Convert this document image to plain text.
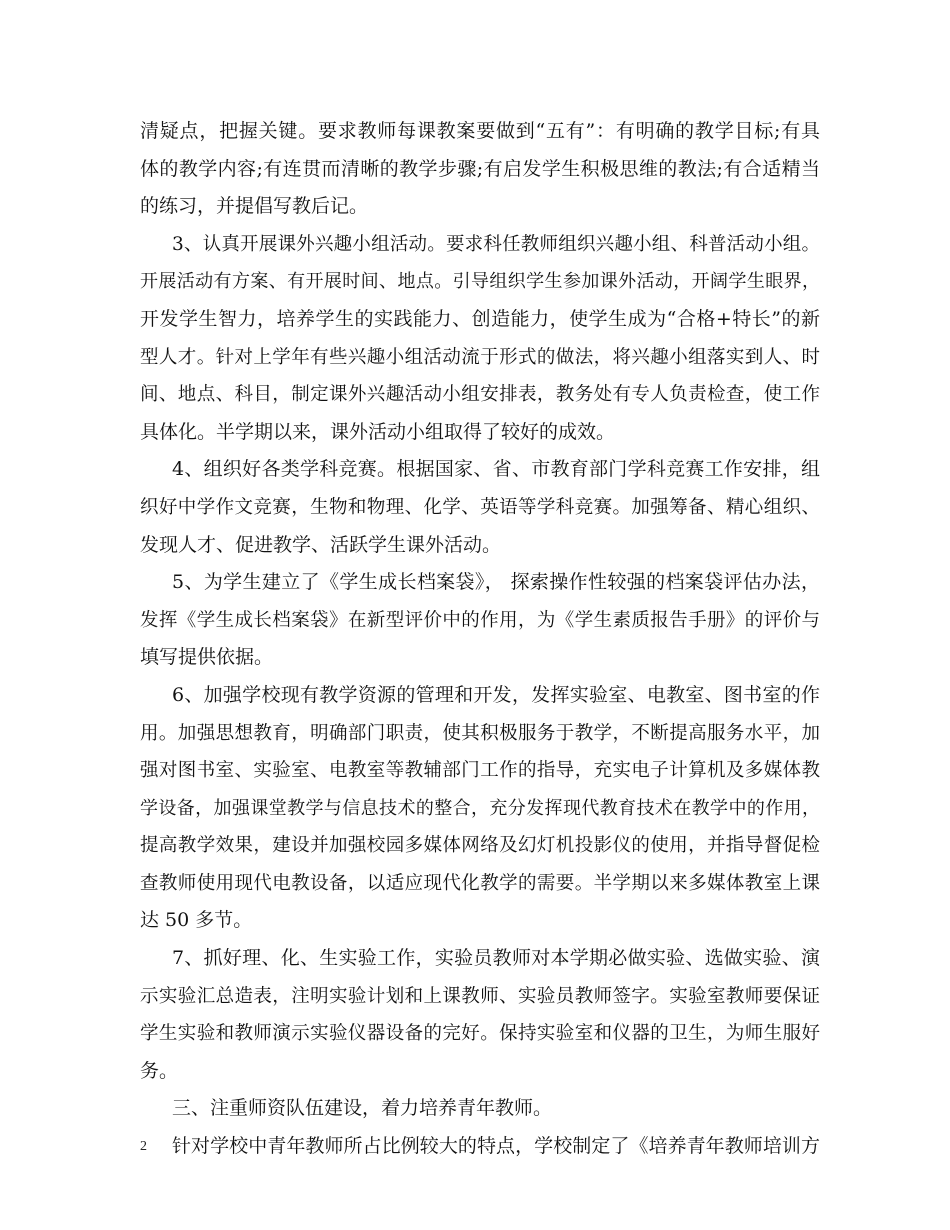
清疑点，把握关键。要求教师每课教案要做到“五有”：有明确的教学目标;有具
体的教学内容;有连贯而清晰的教学步骤;有启发学生积极思维的教法;有合适精当
的练习，并提倡写教后记。
3、认真开展课外兴趣小组活动。要求科任教师组织兴趣小组、科普活动小组。
开展活动有方案、有开展时间、地点。引导组织学生参加课外活动，开阔学生眼界，
开发学生智力，培养学生的实践能力、创造能力，使学生成为“合格+特长”的新
型人才。针对上学年有些兴趣小组活动流于形式的做法，将兴趣小组落实到人、时
间、地点、科目，制定课外兴趣活动小组安排表，教务处有专人负责检查，使工作
具体化。半学期以来，课外活动小组取得了较好的成效。
4、组织好各类学科竞赛。根据国家、省、市教育部门学科竞赛工作安排，组
织好中学作文竞赛，生物和物理、化学、英语等学科竞赛。加强筹备、精心组织、
发现人才、促进教学、活跃学生课外活动。
5、为学生建立了《学生成长档案袋》， 探索操作性较强的档案袋评估办法，
发挥《学生成长档案袋》在新型评价中的作用，为《学生素质报告手册》的评价与
填写提供依据。
6、加强学校现有教学资源的管理和开发，发挥实验室、电教室、图书室的作
用。加强思想教育，明确部门职责，使其积极服务于教学，不断提高服务水平，加
强对图书室、实验室、电教室等教辅部门工作的指导，充实电子计算机及多媒体教
学设备，加强课堂教学与信息技术的整合，充分发挥现代教育技术在教学中的作用，
提高教学效果，建设并加强校园多媒体网络及幻灯机投影仪的使用，并指导督促检
查教师使用现代电教设备，以适应现代化教学的需要。半学期以来多媒体教室上课
达 50 多节。
7、抓好理、化、生实验工作，实验员教师对本学期必做实验、选做实验、演
示实验汇总造表，注明实验计划和上课教师、实验员教师签字。实验室教师要保证
学生实验和教师演示实验仪器设备的完好。保持实验室和仪器的卫生，为师生服好
务。
三、注重师资队伍建设，着力培养青年教师。
针对学校中青年教师所占比例较大的特点，学校制定了《培养青年教师培训方
2
